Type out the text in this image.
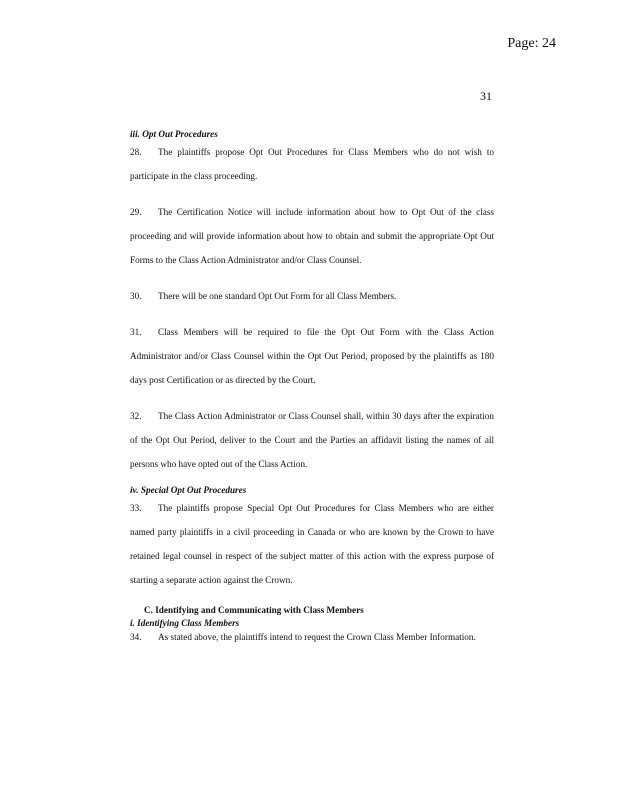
Page: 24
31
iii. Opt Out Procedures

28. The plaintiffs propose Opt Out Procedures for Class Members who do not wish to participate in the class proceeding.

29. The Certification Notice will include information about how to Opt Out of the class proceeding and will provide information about how to obtain and submit the appropriate Opt Out Forms to the Class Action Administrator and/or Class Counsel.

30. There will be one standard Opt Out Form for all Class Members.

31. Class Members will be required to file the Opt Out Form with the Class Action Administrator and/or Class Counsel within the Opt Out Period, proposed by the plaintiffs as 180 days post Certification or as directed by the Court.

32. The Class Action Administrator or Class Counsel shall, within 30 days after the expiration of the Opt Out Period, deliver to the Court and the Parties an affidavit listing the names of all persons who have opted out of the Class Action.

iv. Special Opt Out Procedures

33. The plaintiffs propose Special Opt Out Procedures for Class Members who are either named party plaintiffs in a civil proceeding in Canada or who are known by the Crown to have retained legal counsel in respect of the subject matter of this action with the express purpose of starting a separate action against the Crown.

C. Identifying and Communicating with Class Members
i. Identifying Class Members

34. As stated above, the plaintiffs intend to request the Crown Class Member Information.
